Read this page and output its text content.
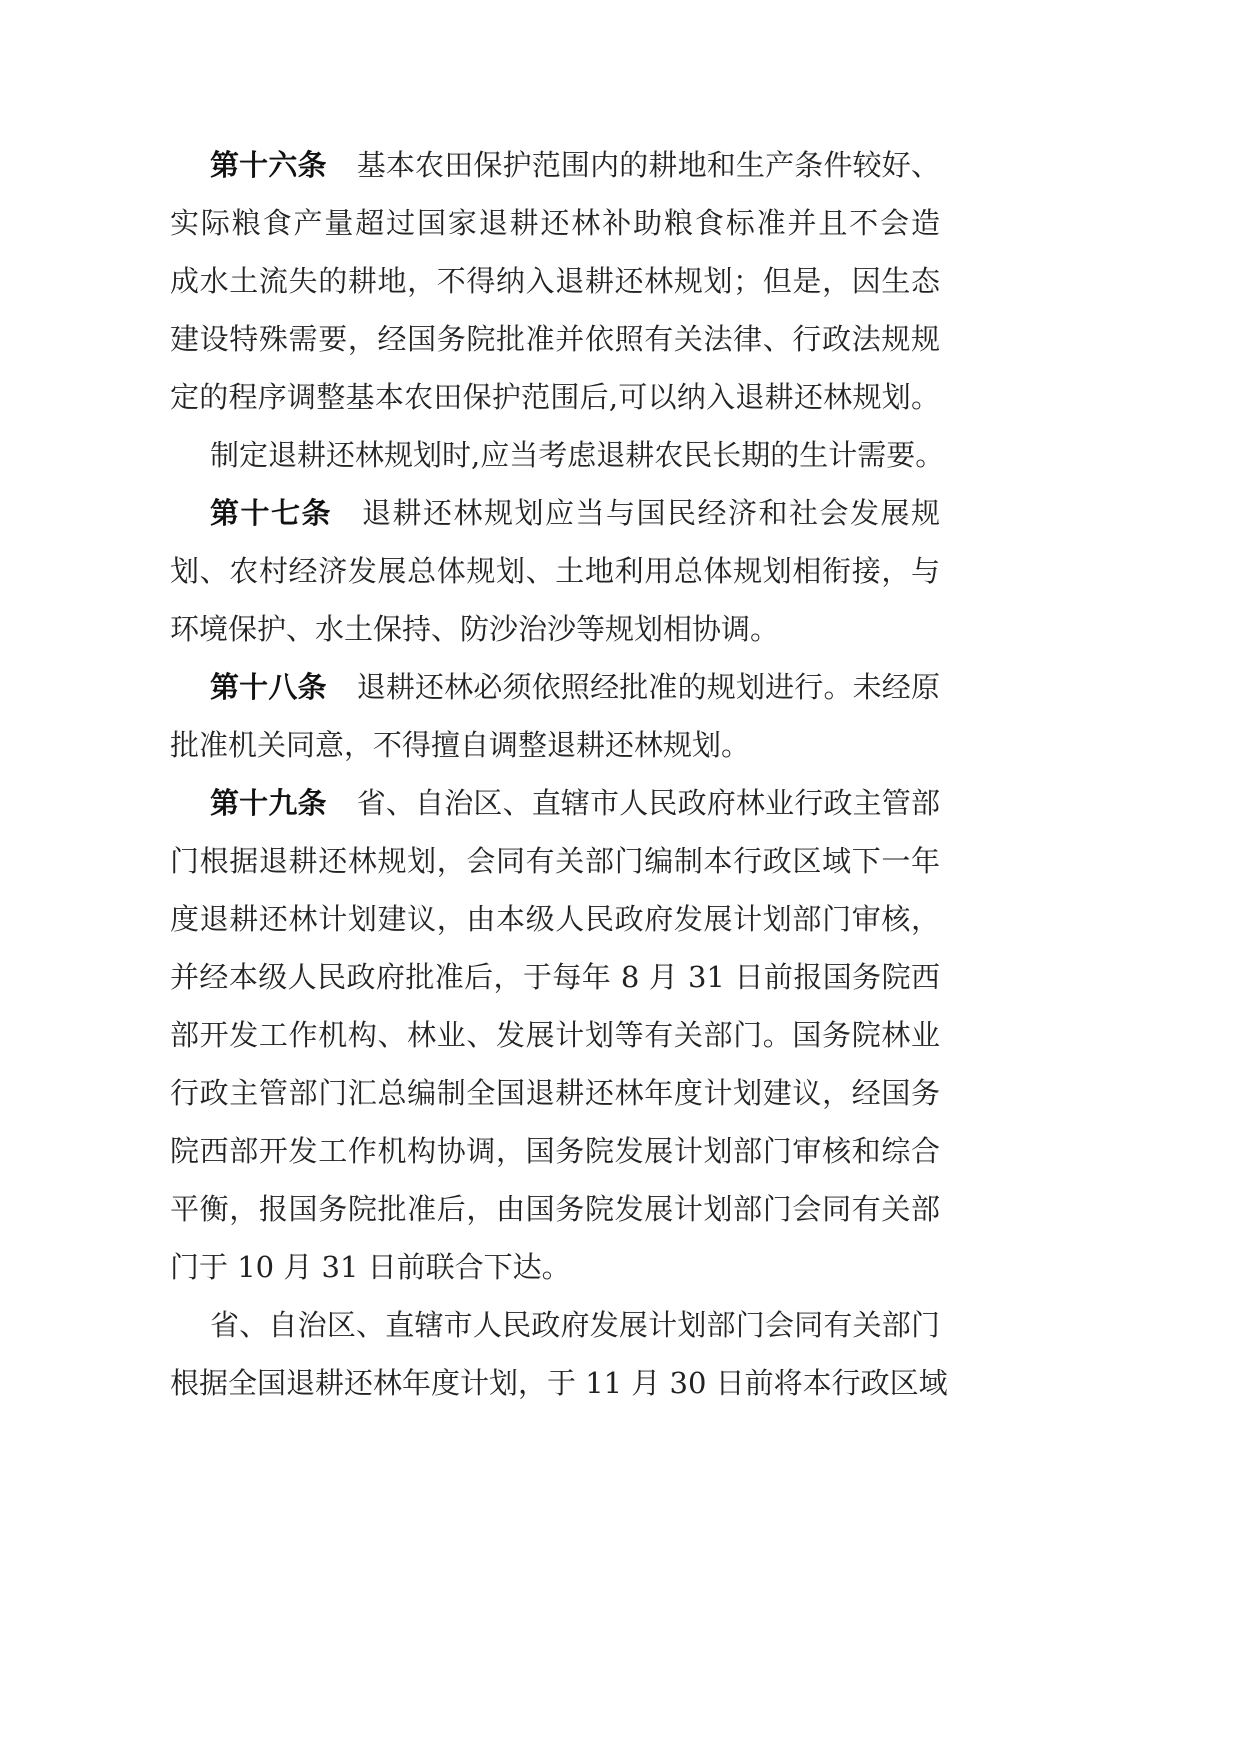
第十六条 基本农田保护范围内的耕地和生产条件较好、
实际粮食产量超过国家退耕还林补助粮食标准并且不会造
成水土流失的耕地，不得纳入退耕还林规划；但是，因生态
建设特殊需要，经国务院批准并依照有关法律、行政法规规
定的程序调整基本农田保护范围后,可以纳入退耕还林规划。
制定退耕还林规划时,应当考虑退耕农民长期的生计需要。
第十七条 退耕还林规划应当与国民经济和社会发展规
划、农村经济发展总体规划、土地利用总体规划相衔接，与
环境保护、水土保持、防沙治沙等规划相协调。
第十八条 退耕还林必须依照经批准的规划进行。未经原
批准机关同意，不得擅自调整退耕还林规划。
第十九条 省、自治区、直辖市人民政府林业行政主管部
门根据退耕还林规划，会同有关部门编制本行政区域下一年
度退耕还林计划建议，由本级人民政府发展计划部门审核，
并经本级人民政府批准后，于每年 8 月 31 日前报国务院西
部开发工作机构、林业、发展计划等有关部门。国务院林业
行政主管部门汇总编制全国退耕还林年度计划建议，经国务
院西部开发工作机构协调，国务院发展计划部门审核和综合
平衡，报国务院批准后，由国务院发展计划部门会同有关部
门于 10 月 31 日前联合下达。
省、自治区、直辖市人民政府发展计划部门会同有关部门
根据全国退耕还林年度计划，于 11 月 30 日前将本行政区域
